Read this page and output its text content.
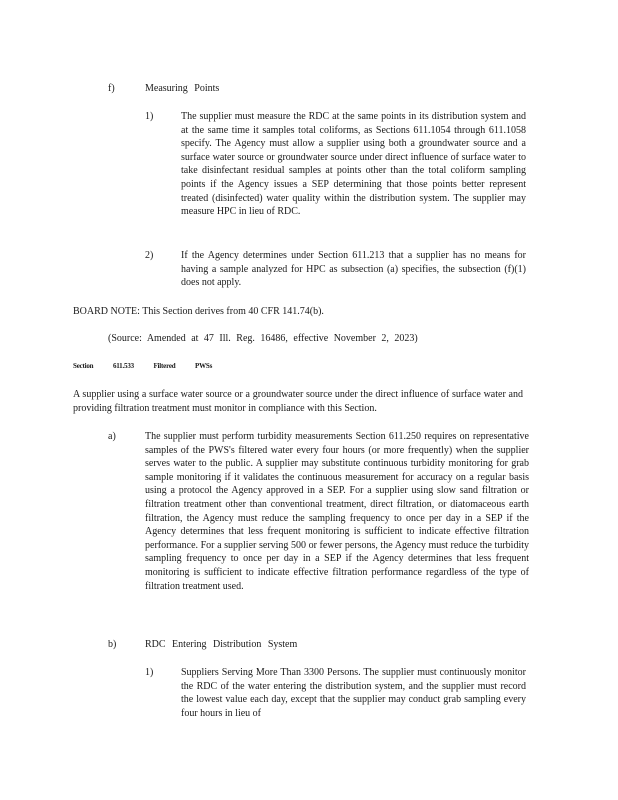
f)	Measuring Points
1)	The supplier must measure the RDC at the same points in its distribution system and at the same time it samples total coliforms, as Sections 611.1054 through 611.1058 specify. The Agency must allow a supplier using both a groundwater source and a surface water source or groundwater source under direct influence of surface water to take disinfectant residual samples at points other than the total coliform sampling points if the Agency issues a SEP determining that those points better represent treated (disinfected) water quality within the distribution system. The supplier may measure HPC in lieu of RDC.
2)	If the Agency determines under Section 611.213 that a supplier has no means for having a sample analyzed for HPC as subsection (a) specifies, the subsection (f)(1) does not apply.
BOARD NOTE: This Section derives from 40 CFR 141.74(b).
(Source: Amended at 47 Ill. Reg. 16486, effective November 2, 2023)
Section	611.533	Filtered	PWSs
A supplier using a surface water source or a groundwater source under the direct influence of surface water and providing filtration treatment must monitor in compliance with this Section.
a)	The supplier must perform turbidity measurements Section 611.250 requires on representative samples of the PWS's filtered water every four hours (or more frequently) when the supplier serves water to the public. A supplier may substitute continuous turbidity monitoring for grab sample monitoring if it validates the continuous measurement for accuracy on a regular basis using a protocol the Agency approved in a SEP. For a supplier using slow sand filtration or filtration treatment other than conventional treatment, direct filtration, or diatomaceous earth filtration, the Agency must reduce the sampling frequency to once per day in a SEP if the Agency determines that less frequent monitoring is sufficient to indicate effective filtration performance. For a supplier serving 500 or fewer persons, the Agency must reduce the turbidity sampling frequency to once per day in a SEP if the Agency determines that less frequent monitoring is sufficient to indicate effective filtration performance regardless of the type of filtration treatment used.
b)	RDC Entering Distribution System
1)	Suppliers Serving More Than 3300 Persons. The supplier must continuously monitor the RDC of the water entering the distribution system, and the supplier must record the lowest value each day, except that the supplier may conduct grab sampling every four hours in lieu of
